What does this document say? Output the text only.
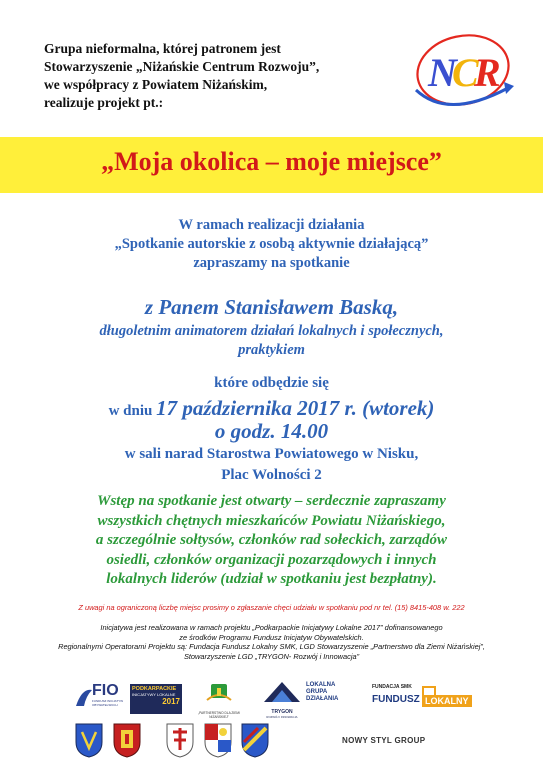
Grupa nieformalna, której patronem jest
Stowarzyszenie „Niżańskie Centrum Rozwoju”,
we współpracy z Powiatem Niżańskim,
realizuje projekt pt.:
N
C
R
„Moja okolica – moje miejsce”
W ramach realizacji działania
„Spotkanie autorskie z osobą aktywnie działającą”
zapraszamy na spotkanie
z Panem Stanisławem Baską,
długoletnim animatorem działań lokalnych i społecznych,
praktykiem
które odbędzie się
w dniu 17 października 2017 r. (wtorek)
o godz. 14.00
w sali narad Starostwa Powiatowego w Nisku,
Plac Wolności 2
Wstęp na spotkanie jest otwarty – serdecznie zapraszamy
wszystkich chętnych mieszkańców Powiatu Niżańskiego,
a szczególnie sołtysów, członków rad sołeckich, zarządów
osiedli, członków organizacji pozarządowych i innych
lokalnych liderów (udział w spotkaniu jest bezpłatny).
Z uwagi na ograniczoną liczbę miejsc prosimy o zgłaszanie chęci udziału w spotkaniu pod nr tel. (15) 8415-408 w. 222
Inicjatywa jest realizowana w ramach projektu „Podkarpackie Inicjatywy Lokalne 2017” dofinansowanego
ze środków Programu Fundusz Inicjatyw Obywatelskich.
Regionalnymi Operatorami Projektu są: Fundacja Fundusz Lokalny SMK, LGD Stowarzyszenie „Partnerstwo dla Ziemi Niżańskiej”,
Stowarzyszenie LGD „TRYGON- Rozwój i Innowacja”
FIO
FUNDUSZ INICJATYW OBYWATELSKICH
PODKARPACKIE
INICJATYWY LOKALNE
2017
„PARTNERSTWO DLA ZIEMI NIŻAŃSKIEJ”
TRYGON
ROZWÓJ I INNOWACJA
LOKALNA
GRUPA
DZIAŁANIA
FUNDACJA SMK
FUNDUSZ LOKALNY
NOWY STYL GROUP
